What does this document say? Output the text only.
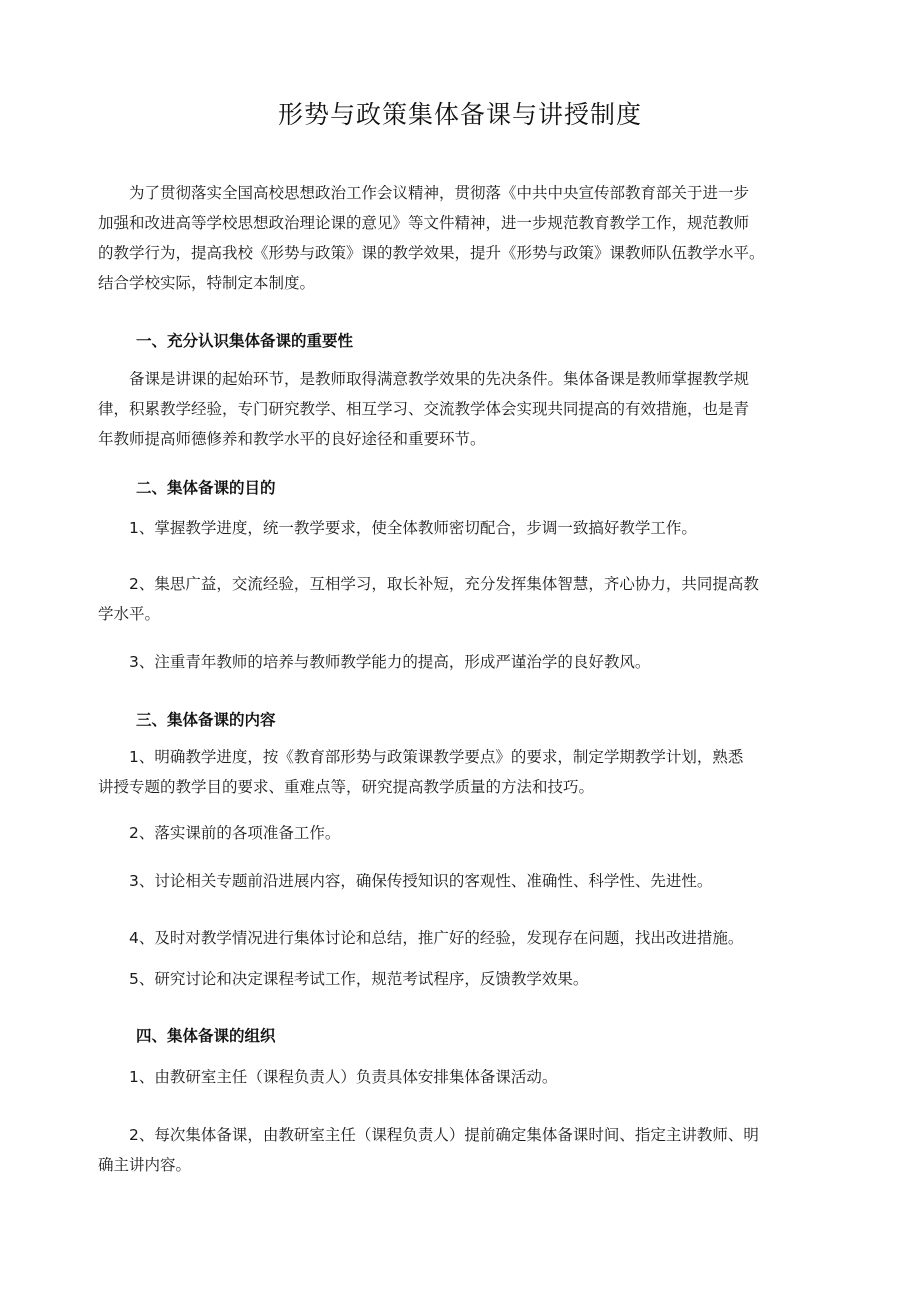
形势与政策集体备课与讲授制度
　　为了贯彻落实全国高校思想政治工作会议精神，贯彻落《中共中央宣传部教育部关于进一步
加强和改进高等学校思想政治理论课的意见》等文件精神，进一步规范教育教学工作，规范教师
的教学行为，提高我校《形势与政策》课的教学效果，提升《形势与政策》课教师队伍教学水平。
结合学校实际，特制定本制度。
一、充分认识集体备课的重要性
　　备课是讲课的起始环节，是教师取得满意教学效果的先决条件。集体备课是教师掌握教学规
律，积累教学经验，专门研究教学、相互学习、交流教学体会实现共同提高的有效措施，也是青
年教师提高师德修养和教学水平的良好途径和重要环节。
二、集体备课的目的
　　1、掌握教学进度，统一教学要求，使全体教师密切配合，步调一致搞好教学工作。
　　2、集思广益，交流经验，互相学习，取长补短，充分发挥集体智慧，齐心协力，共同提高教
学水平。
　　3、注重青年教师的培养与教师教学能力的提高，形成严谨治学的良好教风。
三、集体备课的内容
　　1、明确教学进度，按《教育部形势与政策课教学要点》的要求，制定学期教学计划，熟悉
讲授专题的教学目的要求、重难点等，研究提高教学质量的方法和技巧。
　　2、落实课前的各项准备工作。
　　3、讨论相关专题前沿进展内容，确保传授知识的客观性、准确性、科学性、先进性。
　　4、及时对教学情况进行集体讨论和总结，推广好的经验，发现存在问题，找出改进措施。
　　5、研究讨论和决定课程考试工作，规范考试程序，反馈教学效果。
四、集体备课的组织
　　1、由教研室主任（课程负责人）负责具体安排集体备课活动。
　　2、每次集体备课，由教研室主任（课程负责人）提前确定集体备课时间、指定主讲教师、明
确主讲内容。
